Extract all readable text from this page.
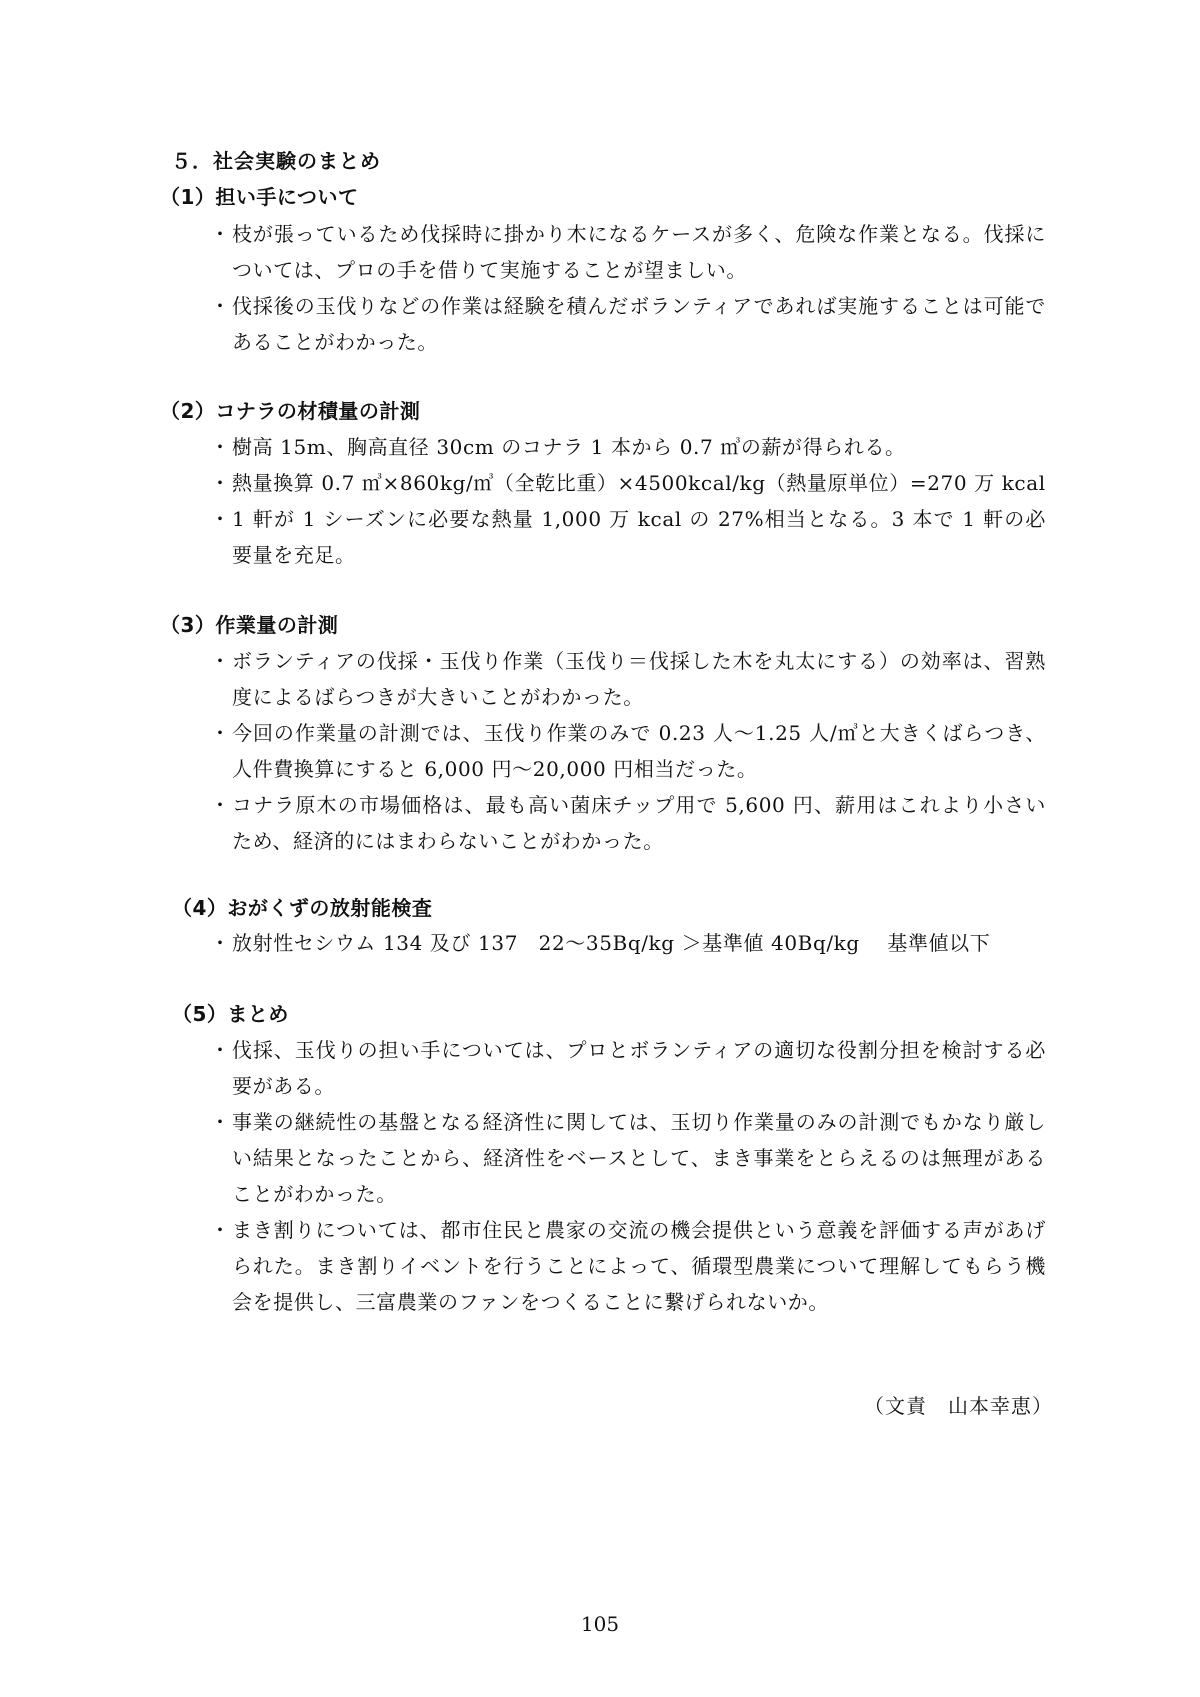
５．社会実験のまとめ
（1）担い手について
・ 枝が張っているため伐採時に掛かり木になるケースが多く、危険な作業となる。伐採については、プロの手を借りて実施することが望ましい。
・ 伐採後の玉伐りなどの作業は経験を積んだボランティアであれば実施することは可能であることがわかった。
（2）コナラの材積量の計測
・ 樹高 15m、胸高直径 30cm のコナラ 1 本から 0.7 ㎥の薪が得られる。
・ 熱量換算 0.7 ㎥×860kg/㎥（全乾比重）×4500kcal/kg（熱量原単位）=270 万 kcal
・ 1 軒が 1 シーズンに必要な熱量 1,000 万 kcal の 27%相当となる。3 本で 1 軒の必要量を充足。
（3）作業量の計測
・ ボランティアの伐採・玉伐り作業（玉伐り＝伐採した木を丸太にする）の効率は、習熟度によるばらつきが大きいことがわかった。
・ 今回の作業量の計測では、玉伐り作業のみで 0.23 人～1.25 人/㎥と大きくばらつき、人件費換算にすると 6,000 円～20,000 円相当だった。
・ コナラ原木の市場価格は、最も高い菌床チップ用で 5,600 円、薪用はこれより小さいため、経済的にはまわらないことがわかった。
（4）おがくずの放射能検査
・ 放射性セシウム 134 及び 137　22～35Bq/kg ＞基準値 40Bq/kg　 基準値以下
（5）まとめ
・ 伐採、玉伐りの担い手については、プロとボランティアの適切な役割分担を検討する必要がある。
・ 事業の継続性の基盤となる経済性に関しては、玉切り作業量のみの計測でもかなり厳しい結果となったことから、経済性をベースとして、まき事業をとらえるのは無理があることがわかった。
・ まき割りについては、都市住民と農家の交流の機会提供という意義を評価する声があげられた。まき割りイベントを行うことによって、循環型農業について理解してもらう機会を提供し、三富農業のファンをつくることに繋げられないか。
（文責　山本幸恵）
105
